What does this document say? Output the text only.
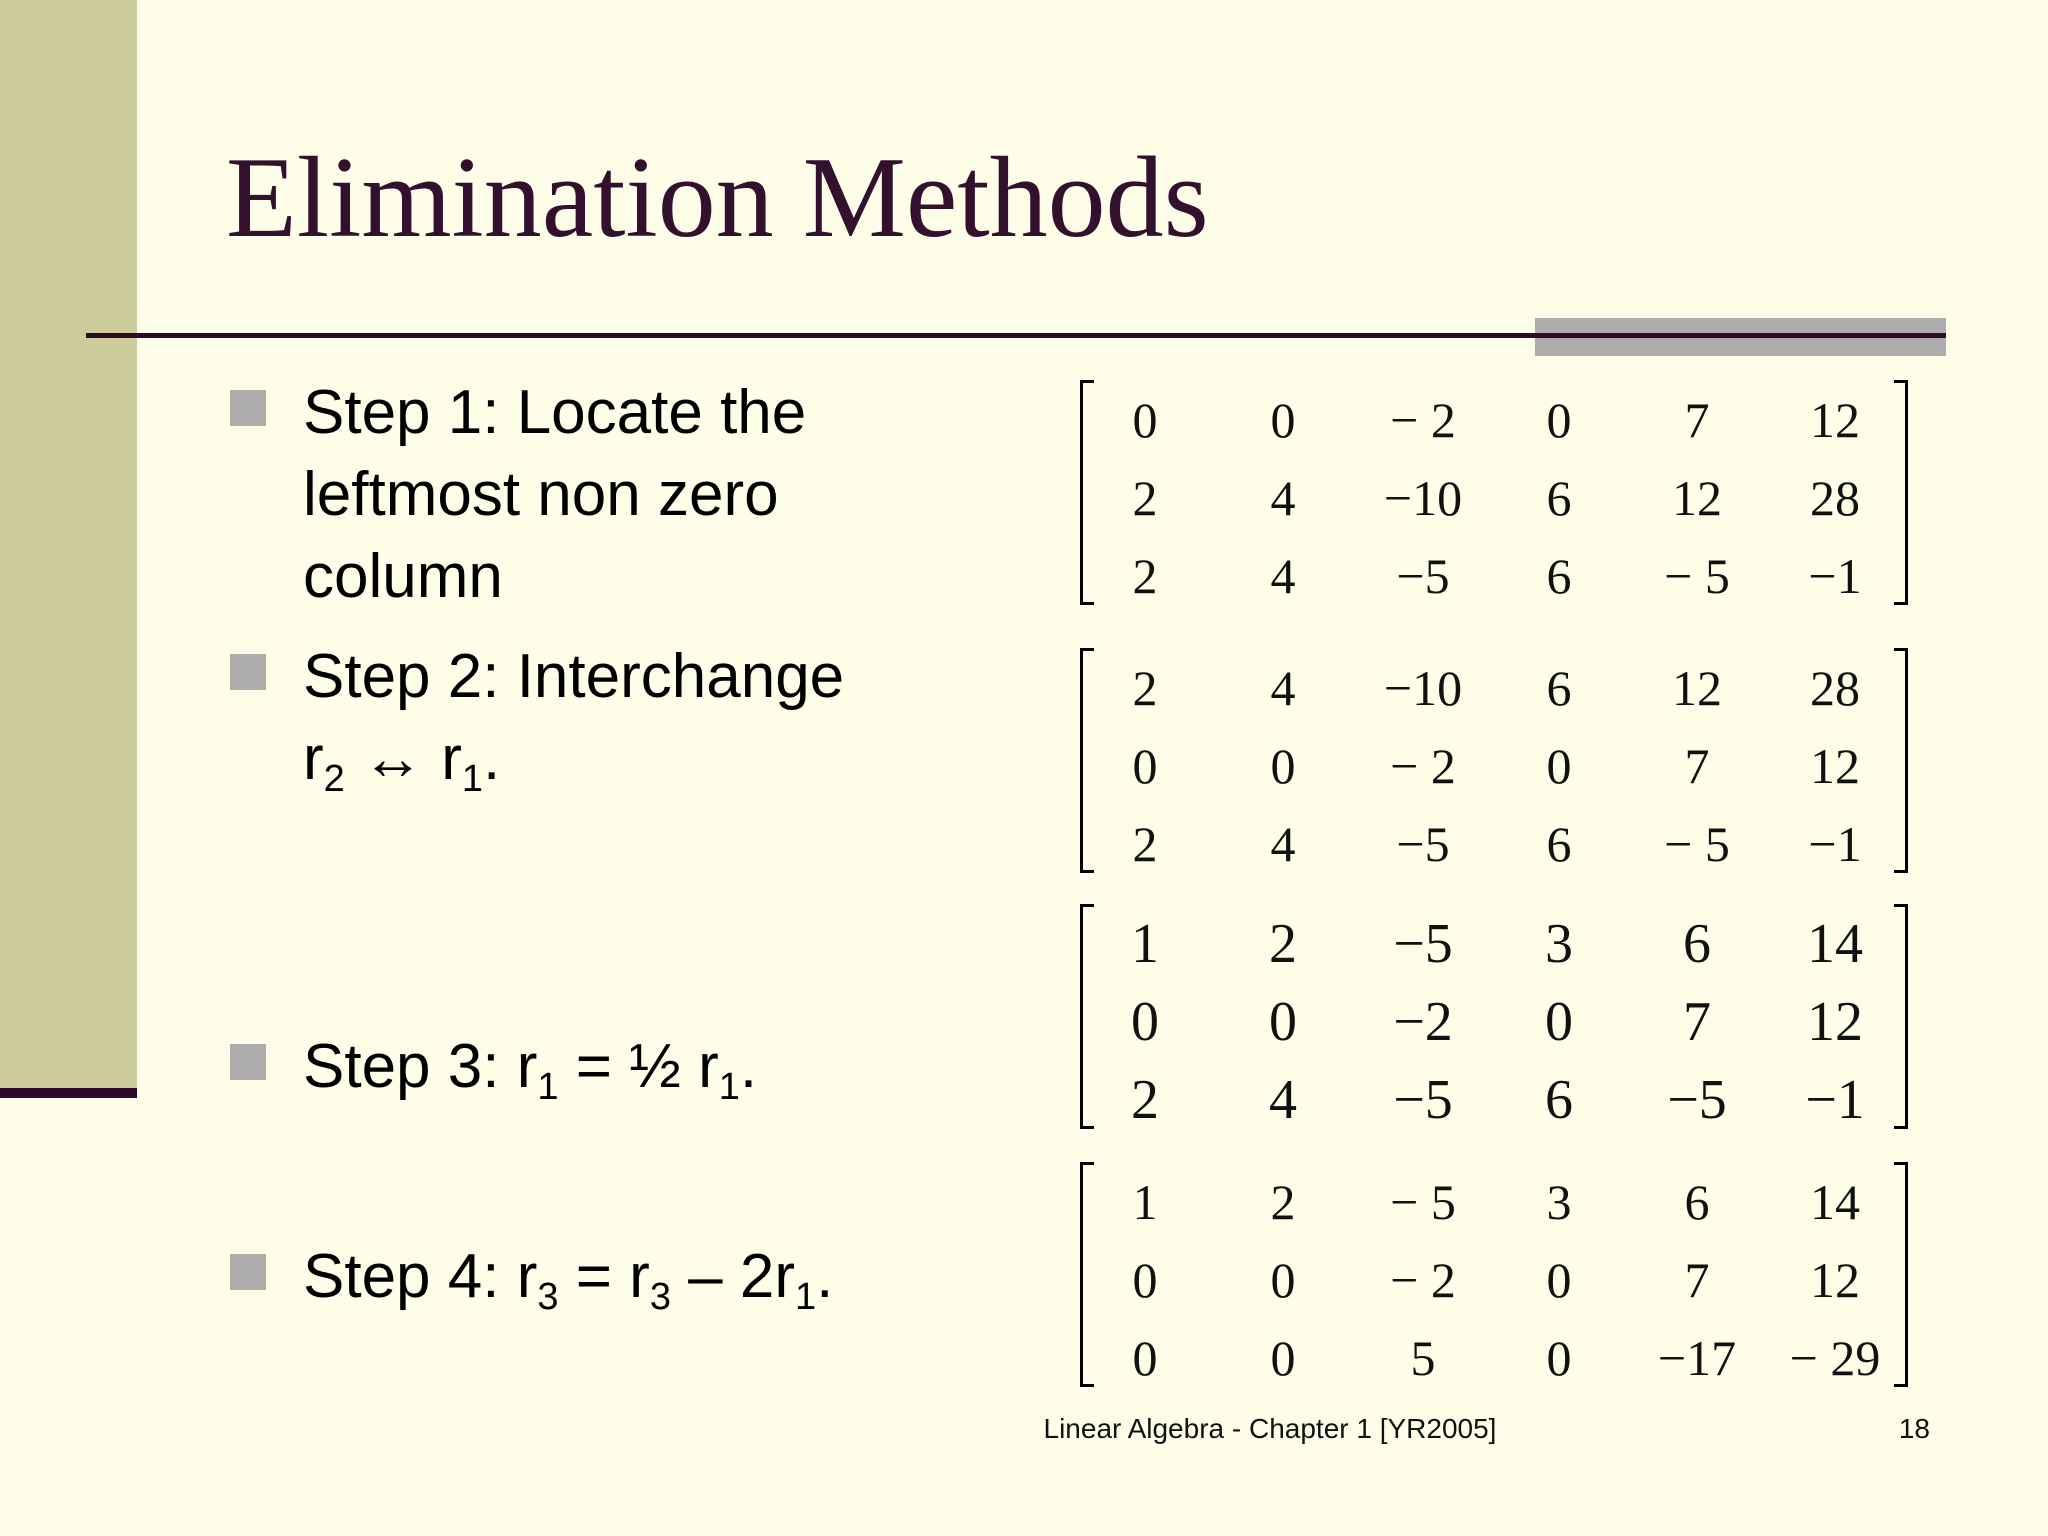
Elimination Methods
Step 1: Locate the
leftmost non zero
column
Step 2: Interchange
r2 ↔ r1.
Step 3: r1 = ½ r1.
Step 4: r3 = r3 – 2r1.
0	0	− 2	0	7	12
2	4	−10	6	12	28
2	4	−5	6	− 5	−1
2	4	−10	6	12	28
0	0	− 2	0	7	12
2	4	−5	6	− 5	−1
1	2	−5	3	6	14
0	0	−2	0	7	12
2	4	−5	6	−5	−1
1	2	− 5	3	6	14
0	0	− 2	0	7	12
0	0	5	0	−17	− 29
Linear Algebra - Chapter 1 [YR2005]	18
